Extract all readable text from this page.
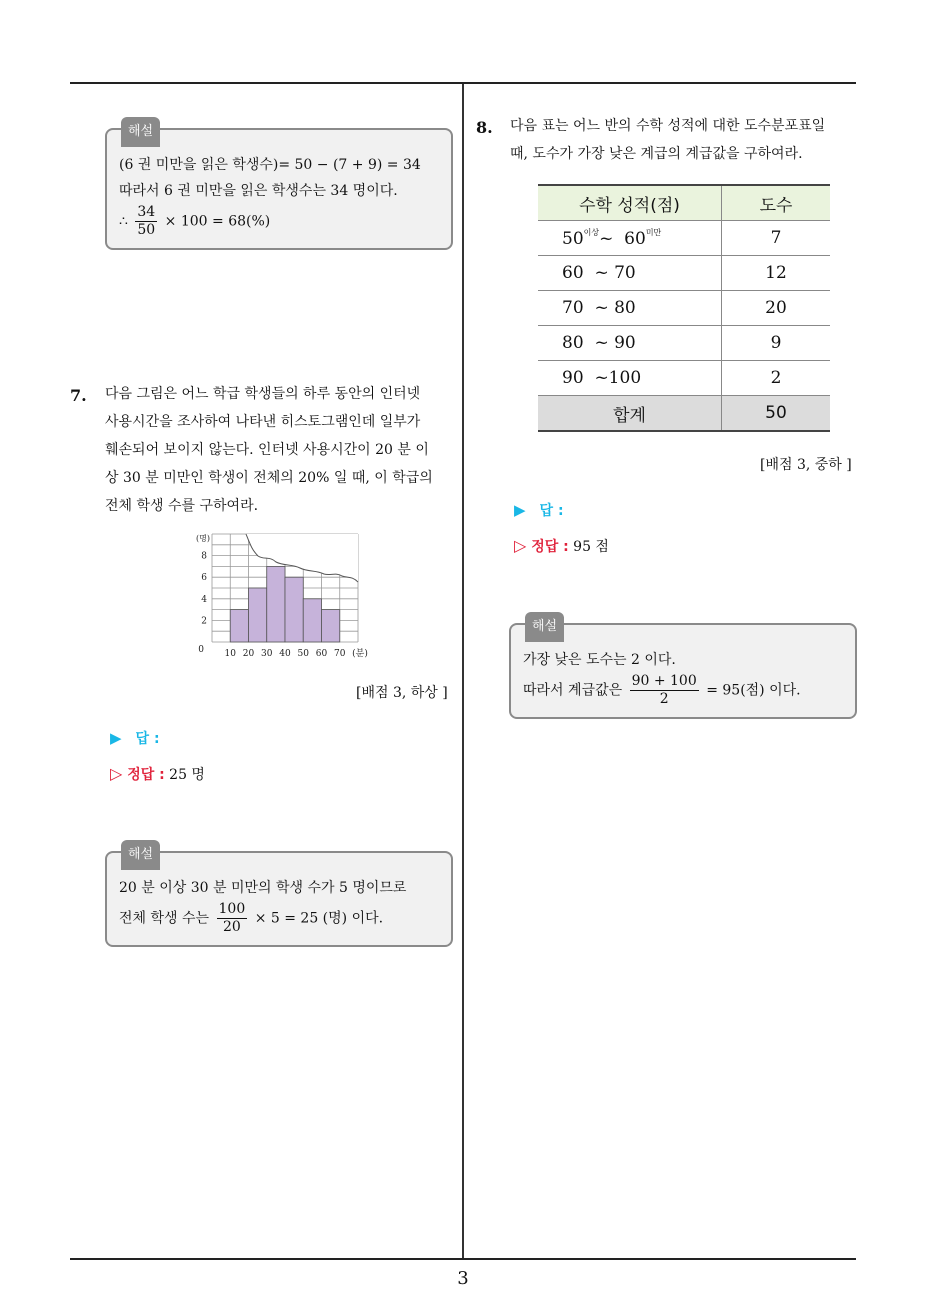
해설
(6 권 미만을 읽은 학생수)= 50 − (7 + 9) = 34
따라서 6 권 미만을 읽은 학생수는 34 명이다.
∴ $\frac{34}{50} \times 100 = 68(\%)$
7. 다음 그림은 어느 학급 학생들의 하루 동안의 인터넷
사용시간을 조사하여 나타낸 히스토그램인데 일부가
훼손되어 보이지 않는다. 인터넷 사용시간이 20 분 이
상 30 분 미만인 학생이 전체의 20% 일 때, 이 학급의
전체 학생 수를 구하여라.
10 20 30 40 50 60 70 (분)
2
4
6
8
0
(명)
[배점 3, 하상 ]
▶ 답 :
▷ 정답 : 25 명
해설
20 분 이상 30 분 미만의 학생 수가 5 명이므로
전체 학생 수는 $\frac{100}{20} \times 5 = 25$ (명) 이다.
8. 다음 표는 어느 반의 수학 성적에 대한 도수분포표일
때, 도수가 가장 낮은 계급의 계급값을 구하여라.
수학 성적(점)	도수
$50^{이상}\sim$ $60^{미만}$	7
60  ~ 70	12
70  ~ 80	20
80  ~ 90	9
90  ~100	2
합계	50
[배점 3, 중하 ]
▶ 답 :
▷ 정답 : 95 점
해설
가장 낮은 도수는 2 이다.
따라서 계급값은 $\frac{90 + 100}{2} = 95$(점) 이다.
3
